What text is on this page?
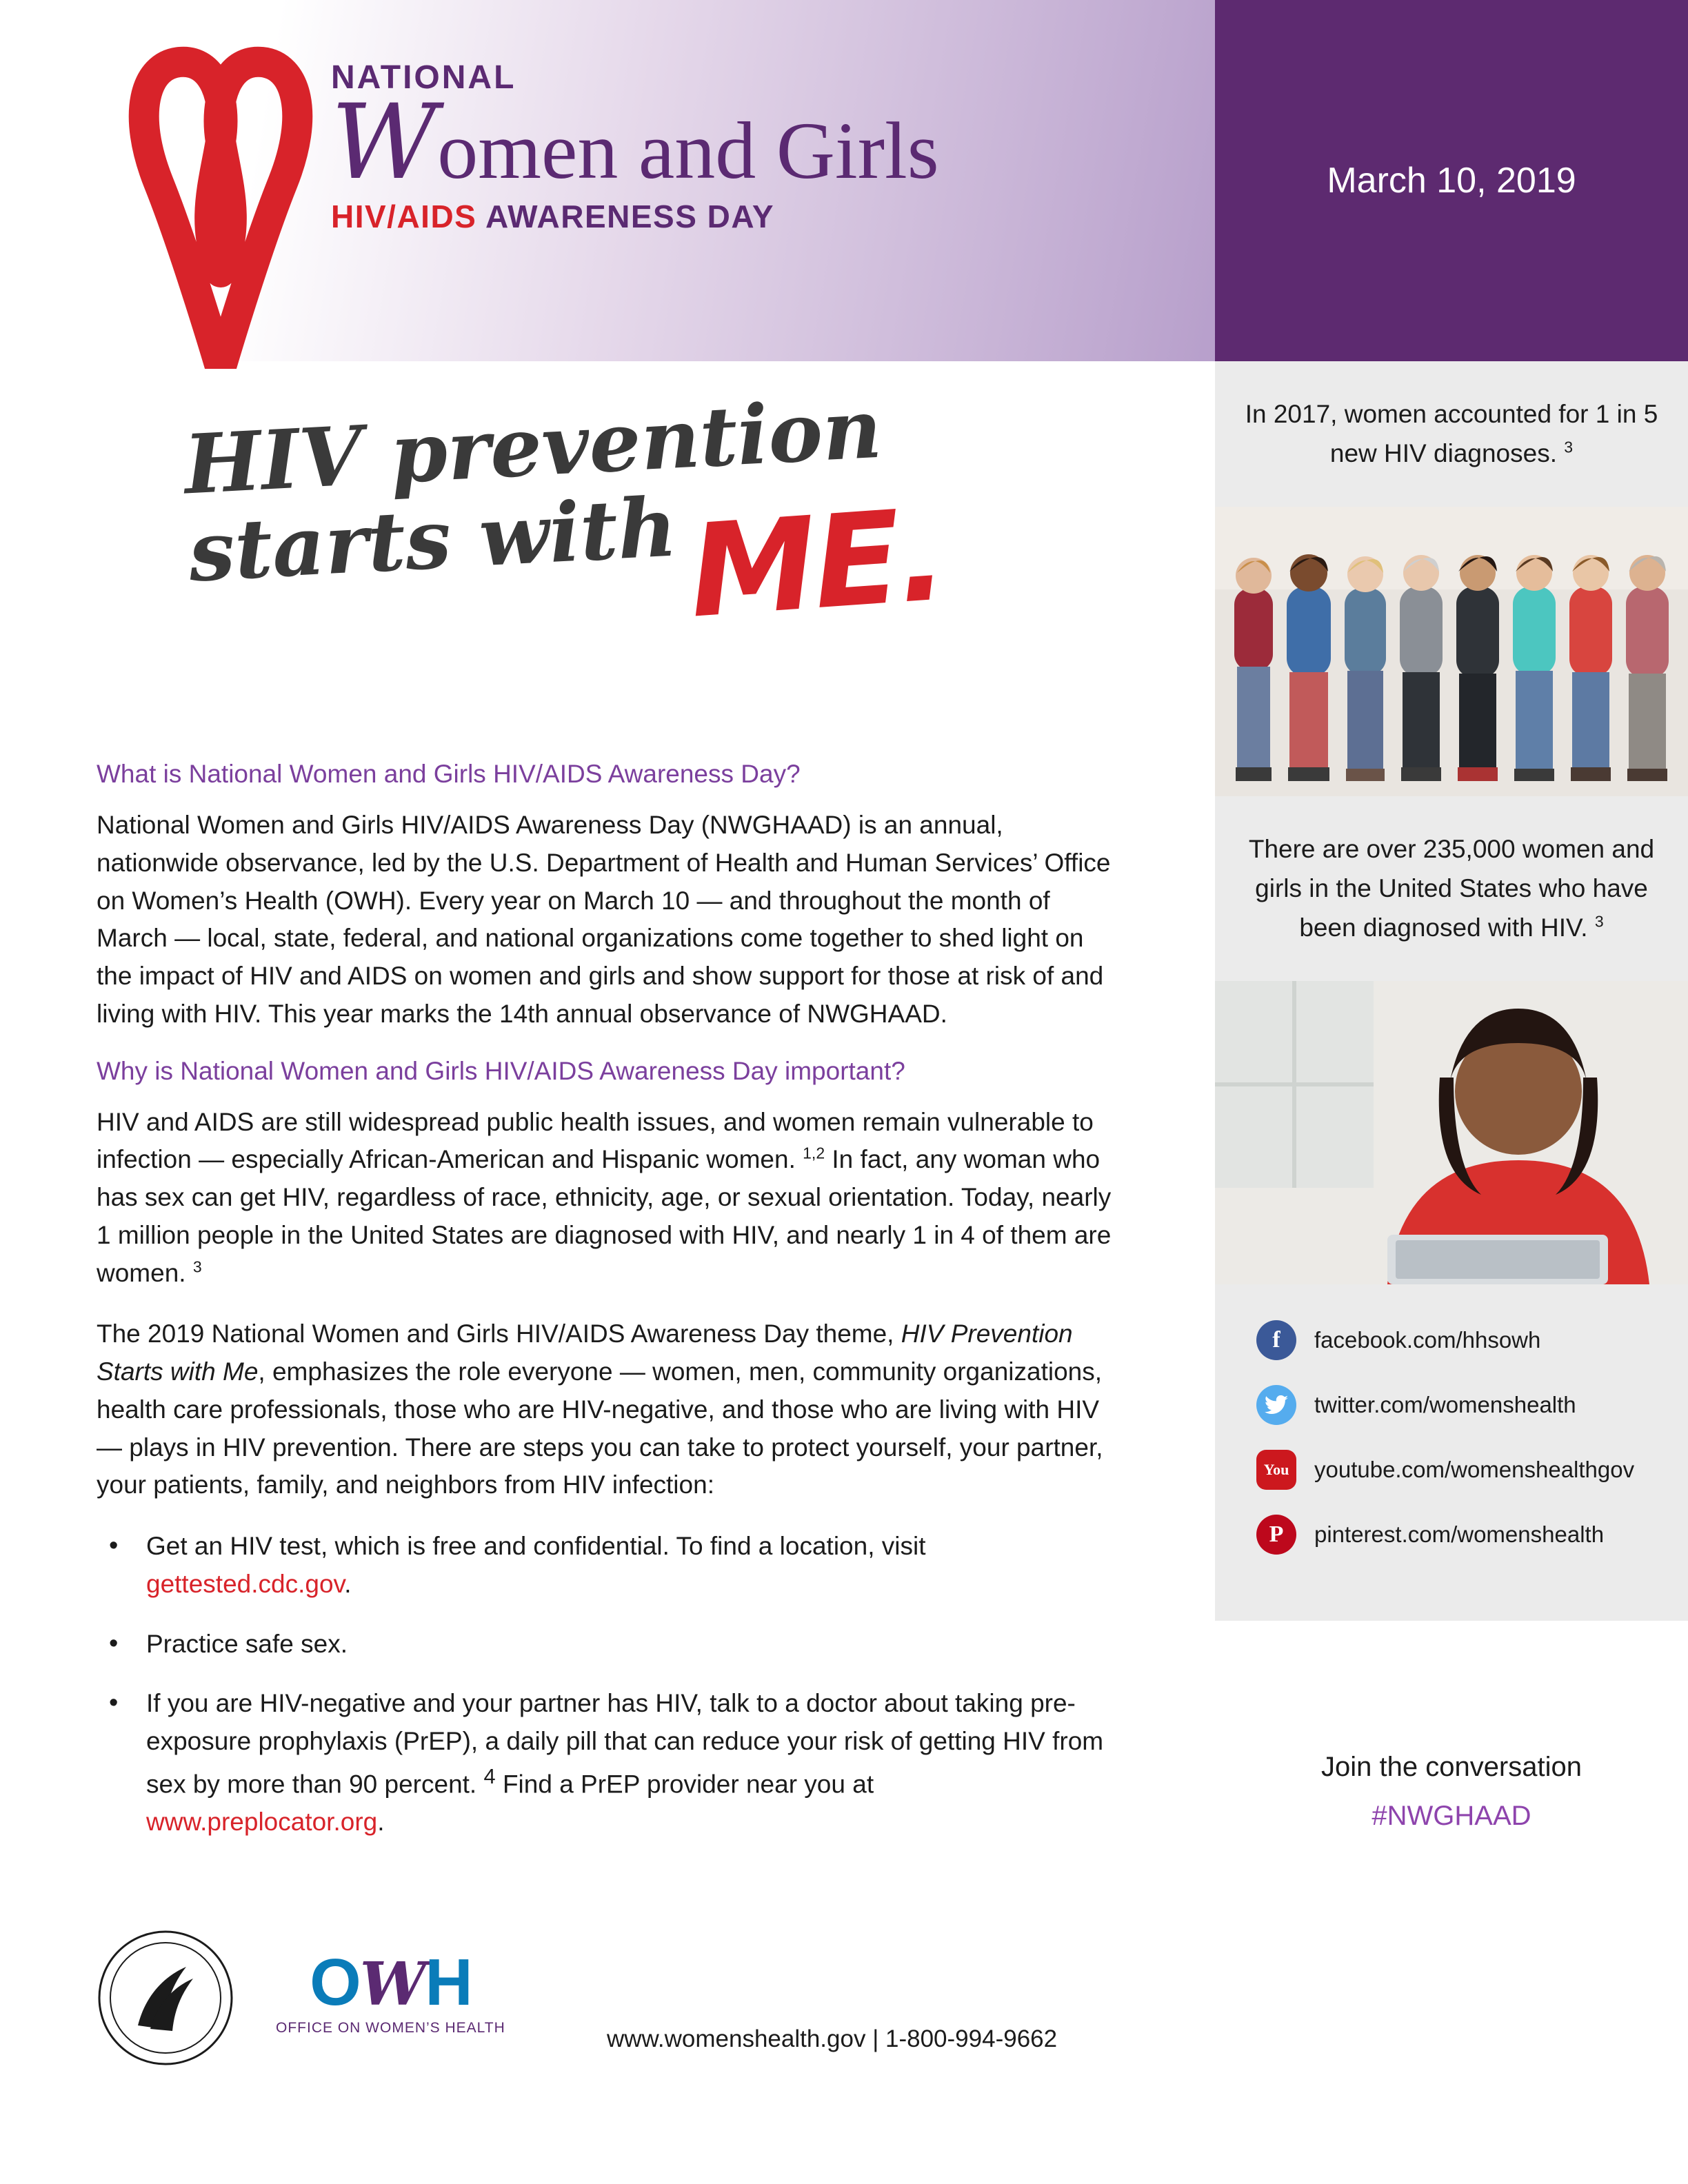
NATIONAL
Women and Girls
HIV/AIDS AWARENESS DAY
March 10, 2019
HIV prevention
starts with ME.
What is National Women and Girls HIV/AIDS Awareness Day?

National Women and Girls HIV/AIDS Awareness Day (NWGHAAD) is an annual, nationwide observance, led by the U.S. Department of Health and Human Services’ Office on Women’s Health (OWH). Every year on March 10 — and throughout the month of March — local, state, federal, and national organizations come together to shed light on the impact of HIV and AIDS on women and girls and show support for those at risk of and living with HIV. This year marks the 14th annual observance of NWGHAAD.

Why is National Women and Girls HIV/AIDS Awareness Day important?

HIV and AIDS are still widespread public health issues, and women remain vulnerable to infection — especially African-American and Hispanic women. $^{1,2}$ In fact, any woman who has sex can get HIV, regardless of race, ethnicity, age, or sexual orientation. Today, nearly 1 million people in the United States are diagnosed with HIV, and nearly 1 in 4 of them are women. $^3$

The 2019 National Women and Girls HIV/AIDS Awareness Day theme, HIV Prevention Starts with Me, emphasizes the role everyone — women, men, community organizations, health care professionals, those who are HIV-negative, and those who are living with HIV — plays in HIV prevention. There are steps you can take to protect yourself, your partner, your patients, family, and neighbors from HIV infection:

• Get an HIV test, which is free and confidential. To find a location, visit gettested.cdc.gov.
• Practice safe sex.
• If you are HIV-negative and your partner has HIV, talk to a doctor about taking pre-exposure prophylaxis (PrEP), a daily pill that can reduce your risk of getting HIV from sex by more than 90 percent. $^4$ Find a PrEP provider near you at www.preplocator.org.
OWH
OFFICE ON WOMEN’S HEALTH	www.womenshealth.gov | 1-800-994-9662

In 2017, women accounted for 1 in 5 new HIV diagnoses. $^3$

There are over 235,000 women and girls in the United States who have been diagnosed with HIV. $^3$

f	facebook.com/hhsowh
twitter.com/womenshealth
You	youtube.com/womenshealthgov
P	pinterest.com/womenshealth
Join the conversation
#NWGHAAD
